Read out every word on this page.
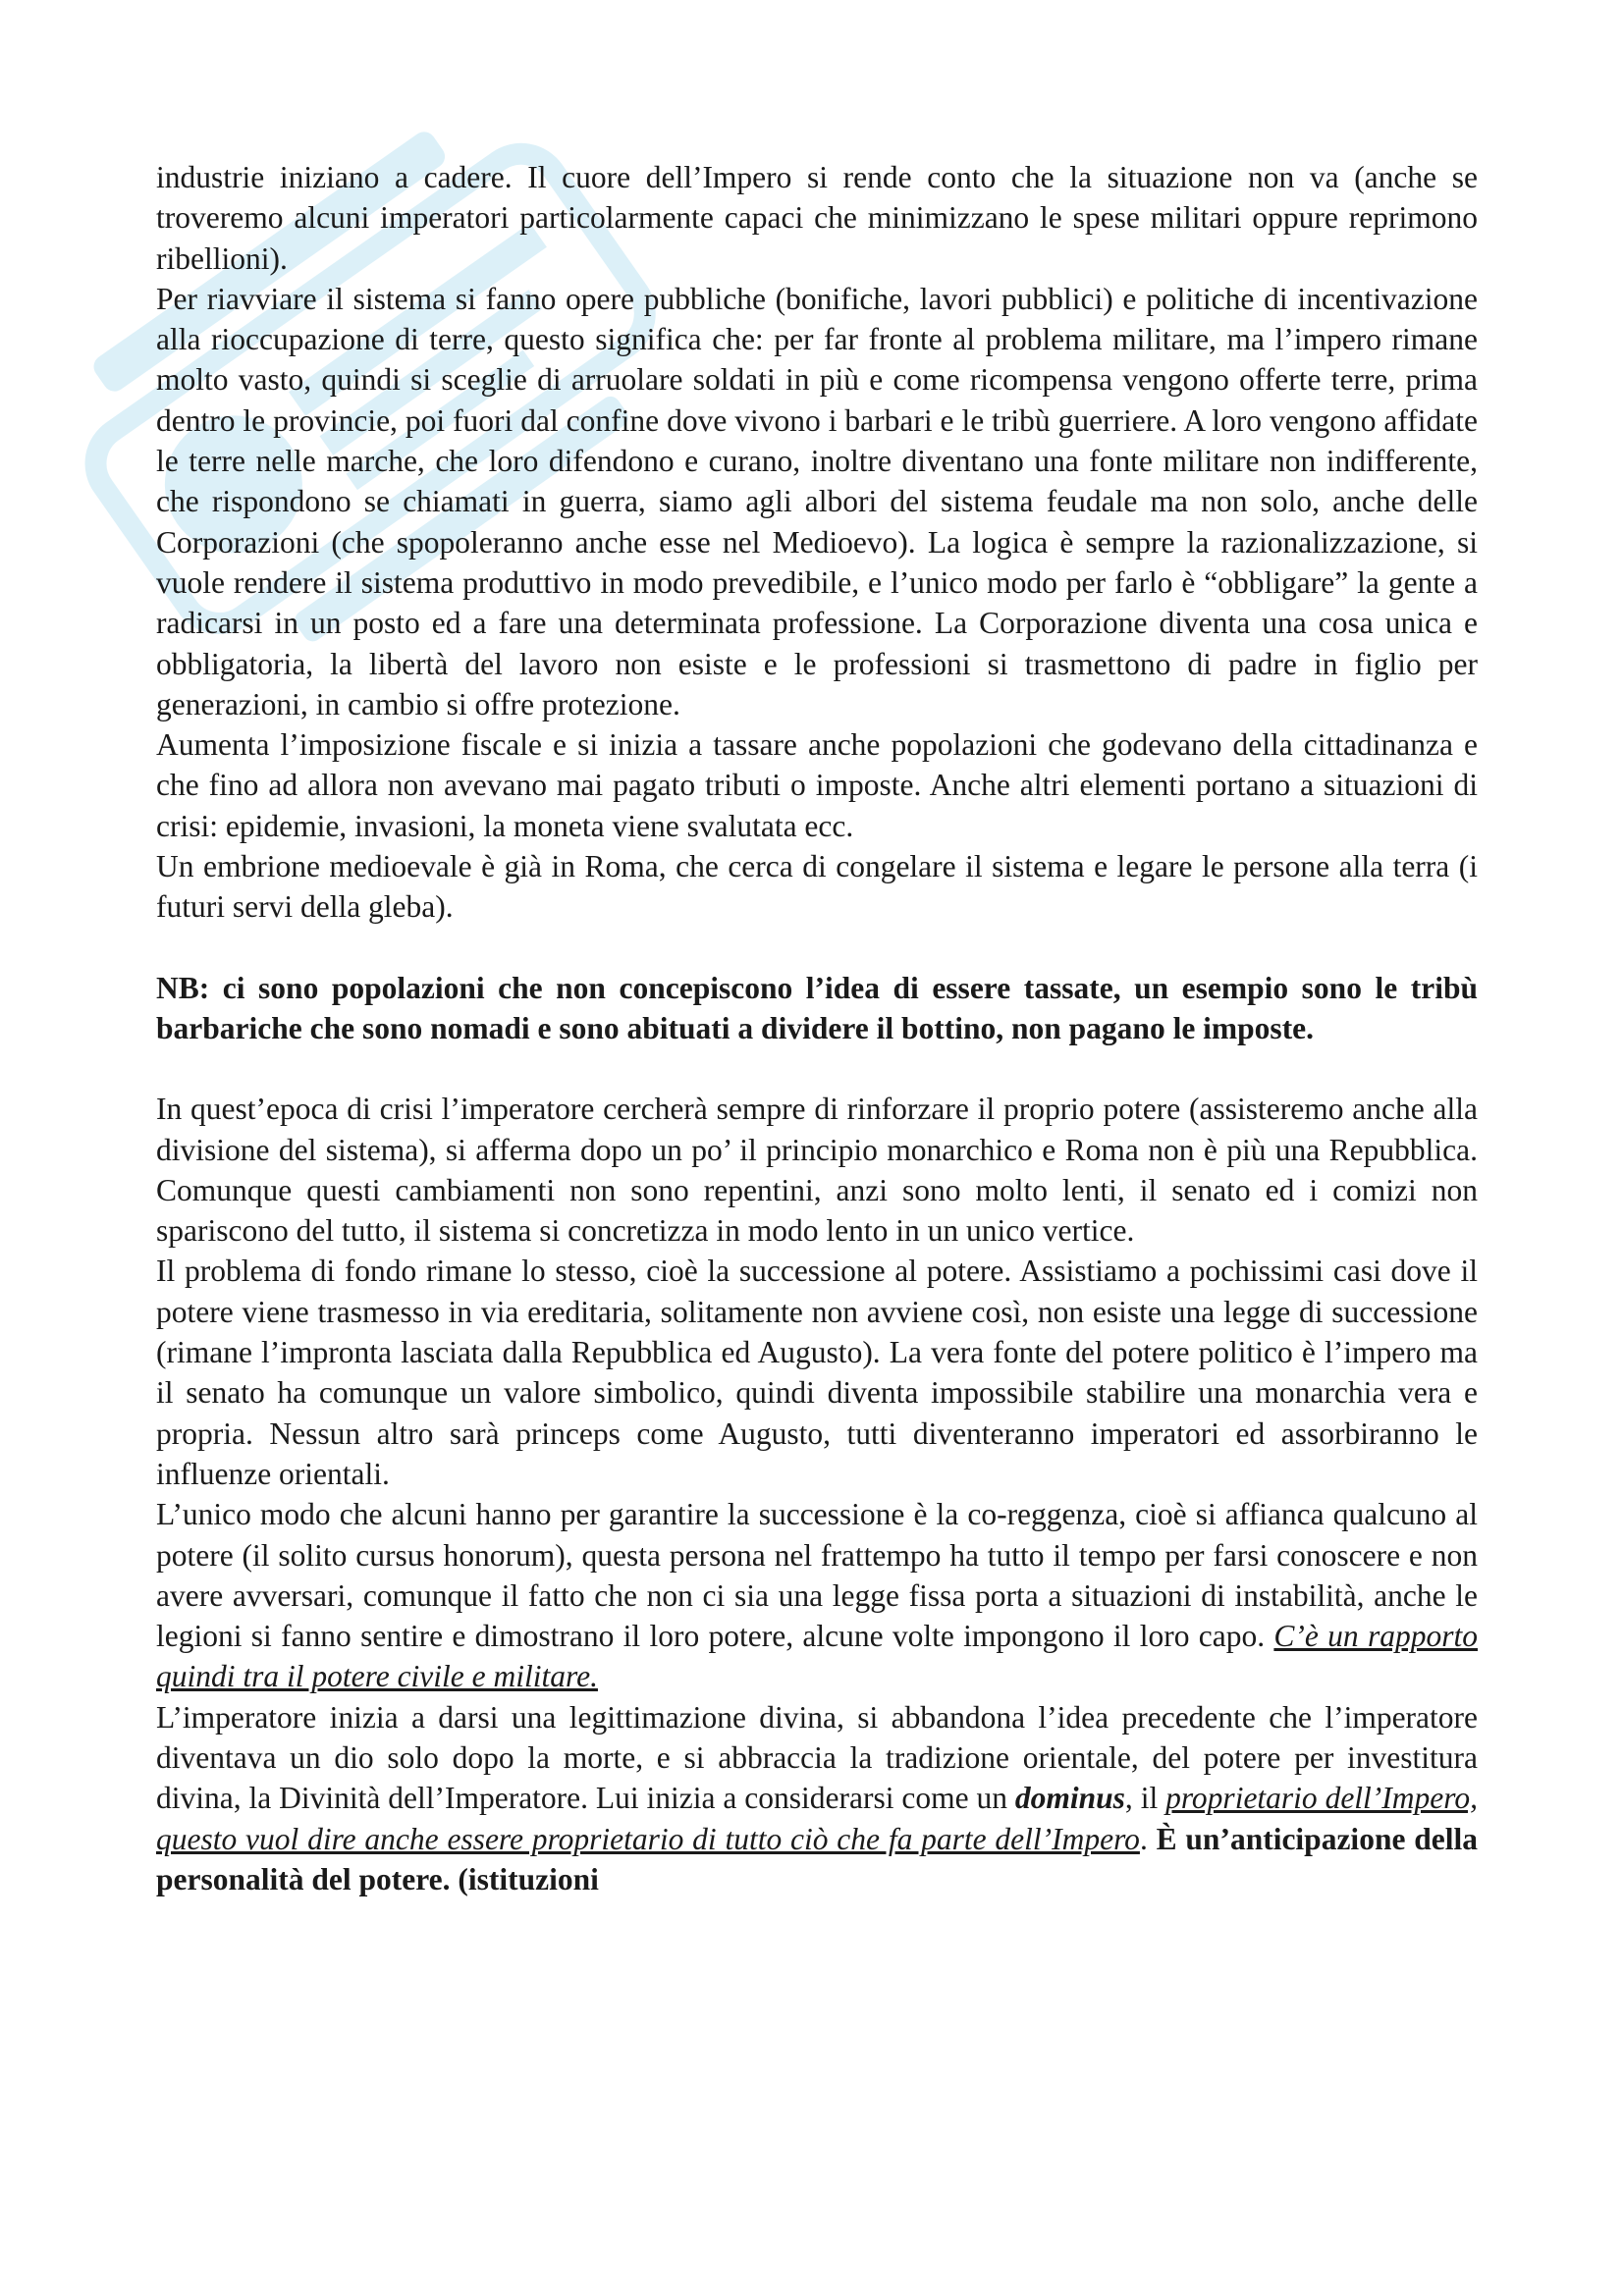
industrie iniziano a cadere. Il cuore dell’Impero si rende conto che la situazione non va (anche se troveremo alcuni imperatori particolarmente capaci che minimizzano le spese militari oppure reprimono ribellioni).

Per riavviare il sistema si fanno opere pubbliche (bonifiche, lavori pubblici) e politiche di incentivazione alla rioccupazione di terre, questo significa che: per far fronte al problema militare, ma l’impero rimane molto vasto, quindi si sceglie di arruolare soldati in più e come ricompensa vengono offerte terre, prima dentro le provincie, poi fuori dal confine dove vivono i barbari e le tribù guerriere. A loro vengono affidate le terre nelle marche, che loro difendono e curano, inoltre diventano una fonte militare non indifferente, che rispondono se chiamati in guerra, siamo agli albori del sistema feudale ma non solo, anche delle Corporazioni (che spopoleranno anche esse nel Medioevo). La logica è sempre la razionalizzazione, si vuole rendere il sistema produttivo in modo prevedibile, e l’unico modo per farlo è “obbligare” la gente a radicarsi in un posto ed a fare una determinata professione. La Corporazione diventa una cosa unica e obbligatoria, la libertà del lavoro non esiste e le professioni si trasmettono di padre in figlio per generazioni, in cambio si offre protezione.

Aumenta l’imposizione fiscale e si inizia a tassare anche popolazioni che godevano della cittadinanza e che fino ad allora non avevano mai pagato tributi o imposte. Anche altri elementi portano a situazioni di crisi: epidemie, invasioni, la moneta viene svalutata ecc.

Un embrione medioevale è già in Roma, che cerca di congelare il sistema e legare le persone alla terra (i futuri servi della gleba).

NB: ci sono popolazioni che non concepiscono l’idea di essere tassate, un esempio sono le tribù barbariche che sono nomadi e sono abituati a dividere il bottino, non pagano le imposte.

In quest’epoca di crisi l’imperatore cercherà sempre di rinforzare il proprio potere (assisteremo anche alla divisione del sistema), si afferma dopo un po’ il principio monarchico e Roma non è più una Repubblica. Comunque questi cambiamenti non sono repentini, anzi sono molto lenti, il senato ed i comizi non spariscono del tutto, il sistema si concretizza in modo lento in un unico vertice.

Il problema di fondo rimane lo stesso, cioè la successione al potere. Assistiamo a pochissimi casi dove il potere viene trasmesso in via ereditaria, solitamente non avviene così, non esiste una legge di successione (rimane l’impronta lasciata dalla Repubblica ed Augusto). La vera fonte del potere politico è l’impero ma il senato ha comunque un valore simbolico, quindi diventa impossibile stabilire una monarchia vera e propria. Nessun altro sarà princeps come Augusto, tutti diventeranno imperatori ed assorbiranno le influenze orientali.

L’unico modo che alcuni hanno per garantire la successione è la co-reggenza, cioè si affianca qualcuno al potere (il solito cursus honorum), questa persona nel frattempo ha tutto il tempo per farsi conoscere e non avere avversari, comunque il fatto che non ci sia una legge fissa porta a situazioni di instabilità, anche le legioni si fanno sentire e dimostrano il loro potere, alcune volte impongono il loro capo. C’è un rapporto quindi tra il potere civile e militare.

L’imperatore inizia a darsi una legittimazione divina, si abbandona l’idea precedente che l’imperatore diventava un dio solo dopo la morte, e si abbraccia la tradizione orientale, del potere per investitura divina, la Divinità dell’Imperatore. Lui inizia a considerarsi come un dominus, il proprietario dell’Impero, questo vuol dire anche essere proprietario di tutto ciò che fa parte dell’Impero. È un’anticipazione della personalità del potere. (istituzioni
